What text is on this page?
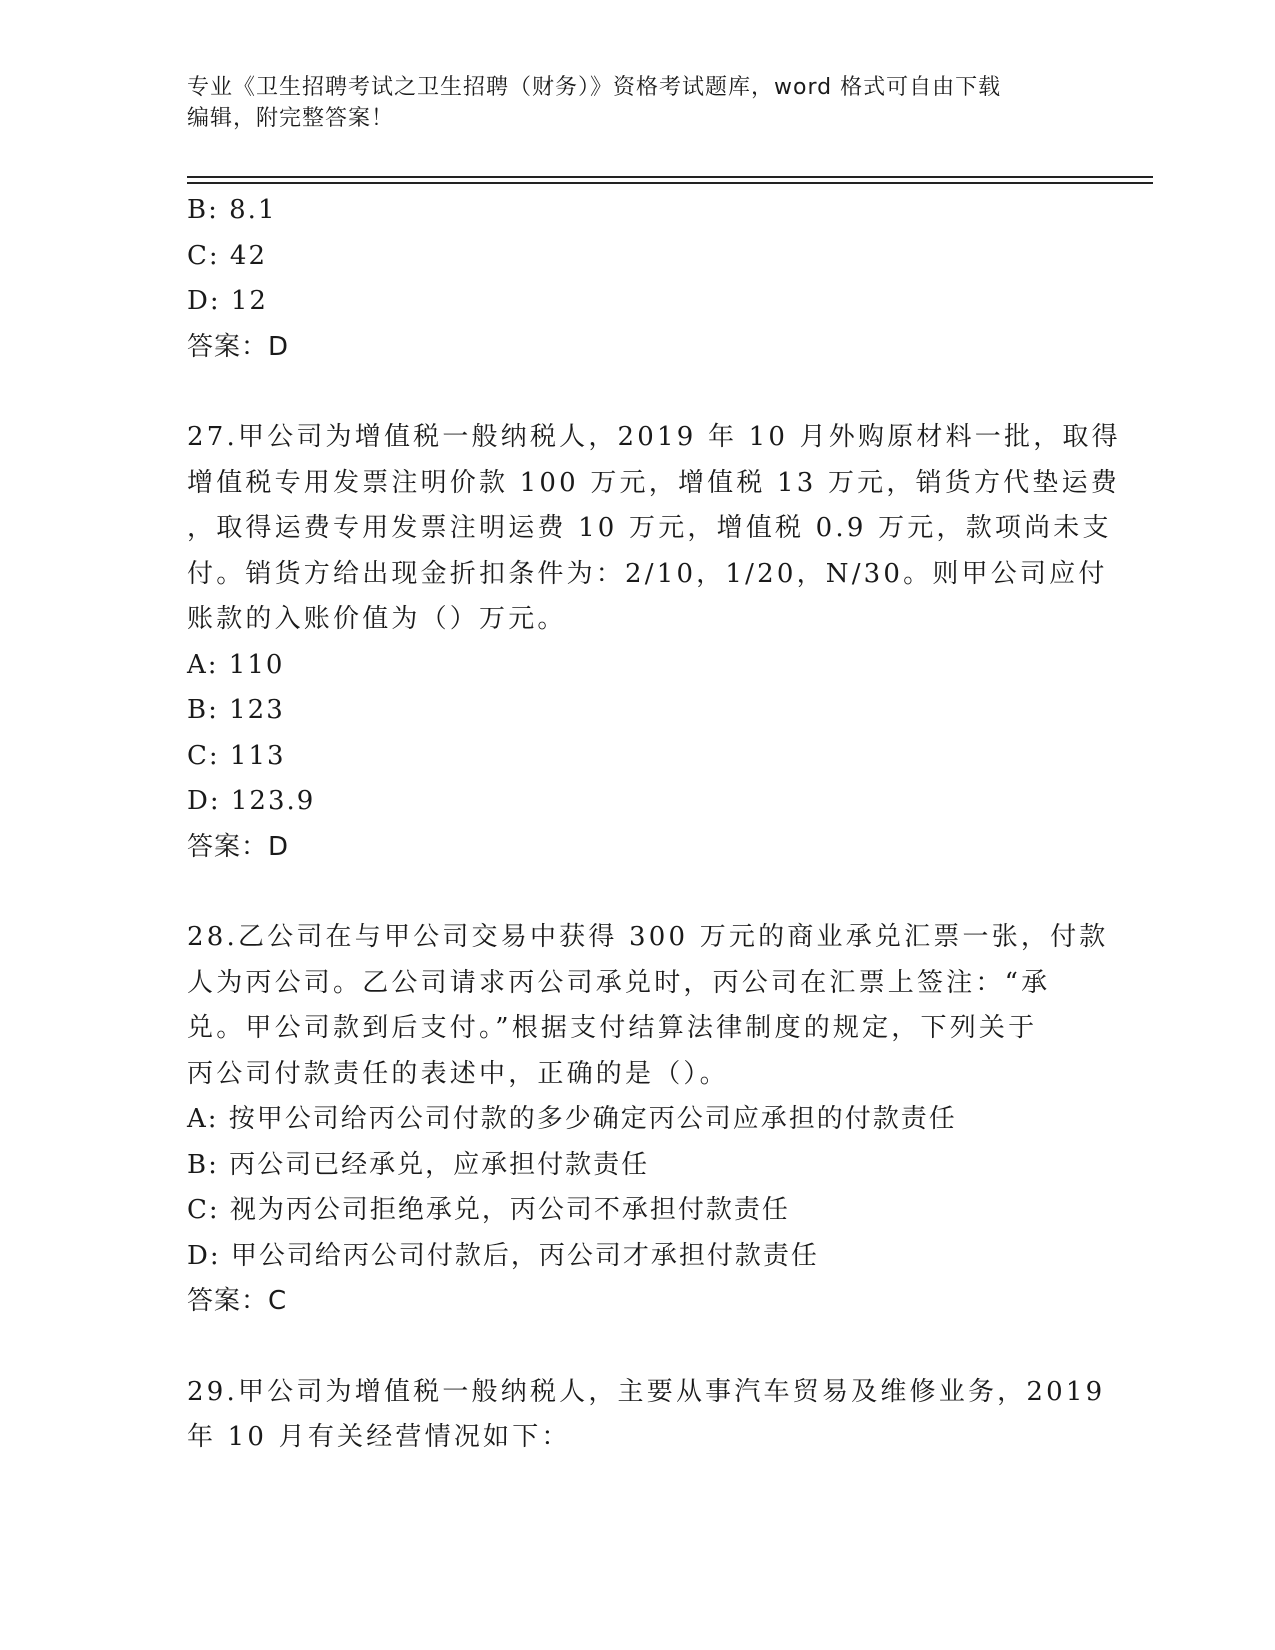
专业《卫生招聘考试之卫生招聘（财务）》资格考试题库，word 格式可自由下载
编辑，附完整答案！
B: 8.1
C: 42
D: 12
答案：D
27.甲公司为增值税一般纳税人，2019 年 10 月外购原材料一批，取得
增值税专用发票注明价款 100 万元，增值税 13 万元，销货方代垫运费
，取得运费专用发票注明运费 10 万元，增值税 0.9 万元，款项尚未支
付。销货方给出现金折扣条件为：2/10，1/20，N/30。则甲公司应付
账款的入账价值为（）万元。
A: 110
B: 123
C: 113
D: 123.9
答案：D
28.乙公司在与甲公司交易中获得 300 万元的商业承兑汇票一张，付款
人为丙公司。乙公司请求丙公司承兑时，丙公司在汇票上签注：“承
兑。甲公司款到后支付。”根据支付结算法律制度的规定，下列关于
丙公司付款责任的表述中，正确的是（）。
A: 按甲公司给丙公司付款的多少确定丙公司应承担的付款责任
B: 丙公司已经承兑，应承担付款责任
C: 视为丙公司拒绝承兑，丙公司不承担付款责任
D: 甲公司给丙公司付款后，丙公司才承担付款责任
答案：C
29.甲公司为增值税一般纳税人，主要从事汽车贸易及维修业务，2019
年 10 月有关经营情况如下：
